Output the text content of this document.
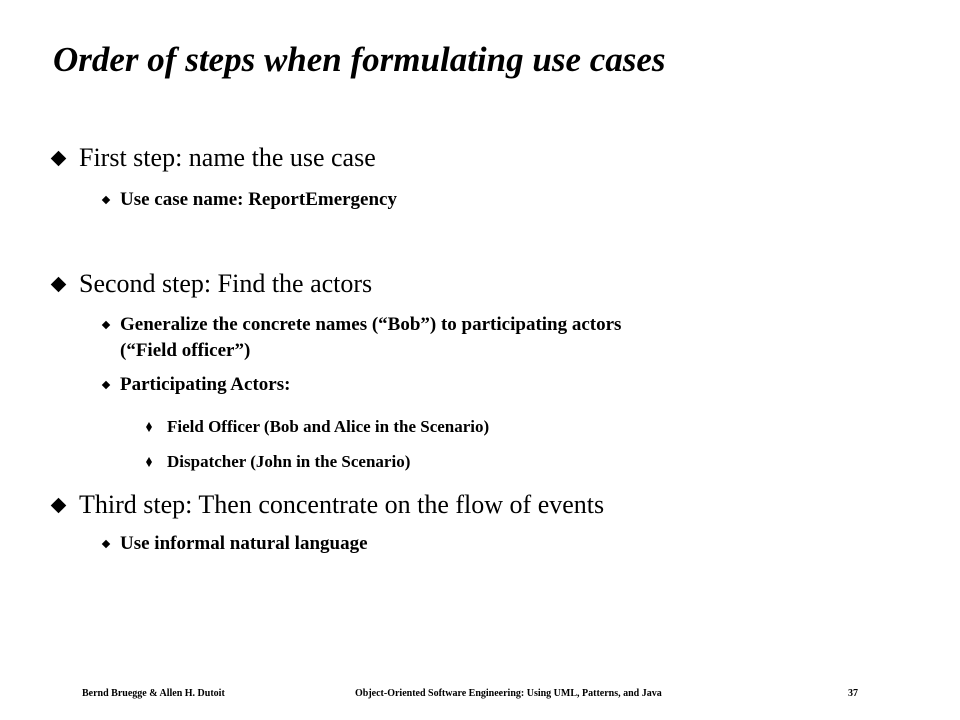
Order of steps when formulating use cases
First step: name the use case
Use case name: ReportEmergency
Second step: Find the actors
Generalize the concrete names (“Bob”) to participating actors
(“Field officer”)
Participating Actors:
Field Officer (Bob and Alice in the Scenario)
Dispatcher (John in the Scenario)
Third step: Then concentrate on the flow of events
Use informal natural language
Bernd Bruegge & Allen H. Dutoit	Object-Oriented Software Engineering: Using UML, Patterns, and Java	37
